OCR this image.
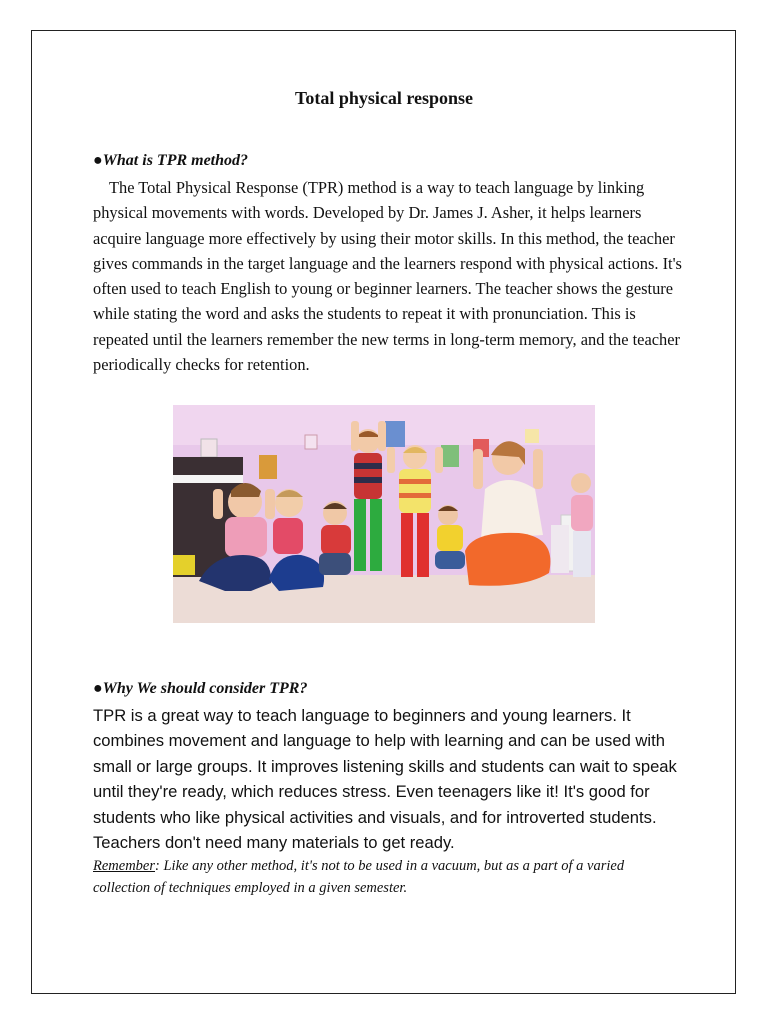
Total physical response
●What is TPR method?
The Total Physical Response (TPR) method is a way to teach language by linking physical movements with words. Developed by Dr. James J. Asher, it helps learners acquire language more effectively by using their motor skills. In this method, the teacher gives commands in the target language and the learners respond with physical actions. It's often used to teach English to young or beginner learners. The teacher shows the gesture while stating the word and asks the students to repeat it with pronunciation. This is repeated until the learners remember the new terms in long-term memory, and the teacher periodically checks for retention.
●Why We should consider TPR?
TPR is a great way to teach language to beginners and young learners. It combines movement and language to help with learning and can be used with small or large groups. It improves listening skills and students can wait to speak until they're ready, which reduces stress. Even teenagers like it! It's good for students who like physical activities and visuals, and for introverted students. Teachers don't need many materials to get ready.
Remember: Like any other method, it's not to be used in a vacuum, but as a part of a varied collection of techniques employed in a given semester.
